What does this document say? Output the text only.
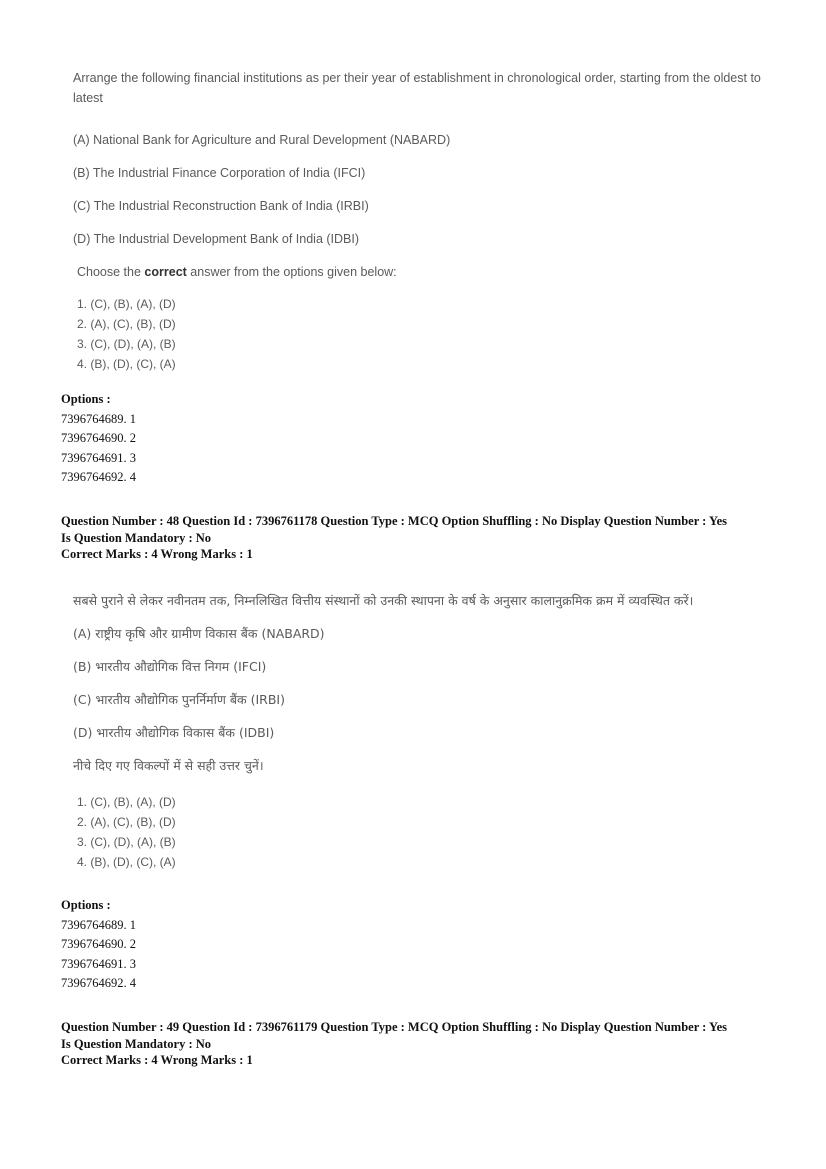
Arrange the following financial institutions as per their year of establishment in chronological order, starting from the oldest to latest
(A) National Bank for Agriculture and Rural Development (NABARD)
(B) The Industrial Finance Corporation of India (IFCI)
(C) The Industrial Reconstruction Bank of India (IRBI)
(D) The Industrial Development Bank of India (IDBI)
Choose the correct answer from the options given below:
1. (C), (B), (A), (D)
2. (A), (C), (B), (D)
3. (C), (D), (A), (B)
4. (B), (D), (C), (A)
Options :
7396764689. 1
7396764690. 2
7396764691. 3
7396764692. 4
Question Number : 48 Question Id : 7396761178 Question Type : MCQ Option Shuffling : No Display Question Number : Yes
Is Question Mandatory : No
Correct Marks : 4 Wrong Marks : 1
सबसे पुराने से लेकर नवीनतम तक, निम्नलिखित वित्तीय संस्थानों को उनकी स्थापना के वर्ष के अनुसार कालानुक्रमिक क्रम में व्यवस्थित करें।
(A) राष्ट्रीय कृषि और ग्रामीण विकास बैंक (NABARD)
(B) भारतीय औद्योगिक वित्त निगम (IFCI)
(C) भारतीय औद्योगिक पुनर्निर्माण बैंक (IRBI)
(D) भारतीय औद्योगिक विकास बैंक (IDBI)
नीचे दिए गए विकल्पों में से सही उत्तर चुनें।
1. (C), (B), (A), (D)
2. (A), (C), (B), (D)
3. (C), (D), (A), (B)
4. (B), (D), (C), (A)
Options :
7396764689. 1
7396764690. 2
7396764691. 3
7396764692. 4
Question Number : 49 Question Id : 7396761179 Question Type : MCQ Option Shuffling : No Display Question Number : Yes
Is Question Mandatory : No
Correct Marks : 4 Wrong Marks : 1
